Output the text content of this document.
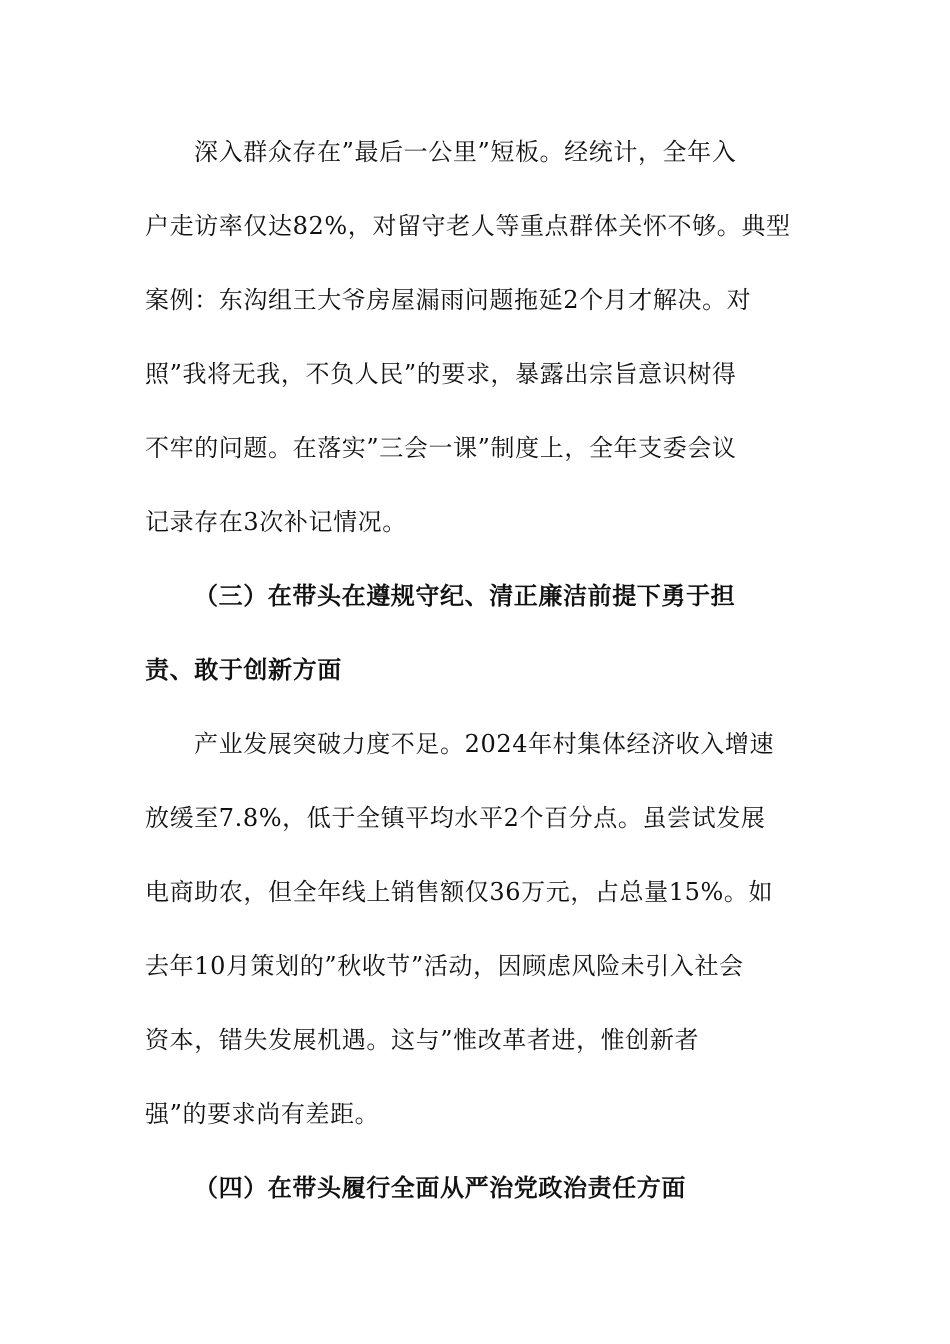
深入群众存在”最后一公里”短板。经统计，全年入
户走访率仅达82%，对留守老人等重点群体关怀不够。典型
案例：东沟组王大爷房屋漏雨问题拖延2个月才解决。对
照”我将无我，不负人民”的要求，暴露出宗旨意识树得
不牢的问题。在落实”三会一课”制度上，全年支委会议
记录存在3次补记情况。
（三）在带头在遵规守纪、清正廉洁前提下勇于担
责、敢于创新方面
产业发展突破力度不足。2024年村集体经济收入增速
放缓至7.8%，低于全镇平均水平2个百分点。虽尝试发展
电商助农，但全年线上销售额仅36万元，占总量15%。如
去年10月策划的”秋收节”活动，因顾虑风险未引入社会
资本，错失发展机遇。这与”惟改革者进，惟创新者
强”的要求尚有差距。
（四）在带头履行全面从严治党政治责任方面
